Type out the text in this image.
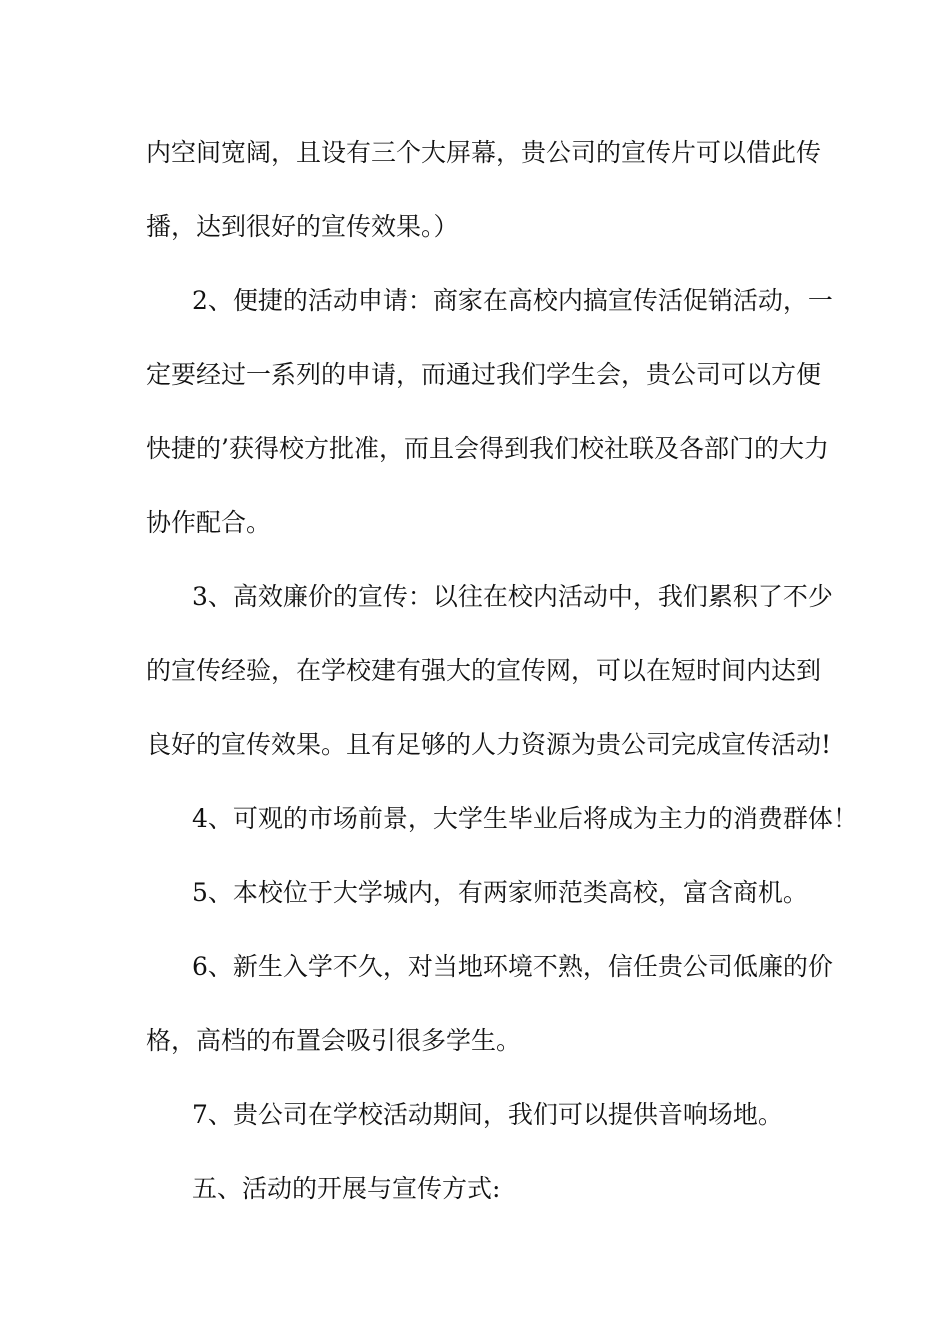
内空间宽阔，且设有三个大屏幕，贵公司的宣传片可以借此传

播，达到很好的宣传效果。）

2、便捷的活动申请：商家在高校内搞宣传活促销活动，一

定要经过一系列的申请，而通过我们学生会，贵公司可以方便

快捷的’获得校方批准，而且会得到我们校社联及各部门的大力

协作配合。

3、高效廉价的宣传：以往在校内活动中，我们累积了不少

的宣传经验，在学校建有强大的宣传网，可以在短时间内达到

良好的宣传效果。且有足够的人力资源为贵公司完成宣传活动!

4、可观的市场前景，大学生毕业后将成为主力的消费群体！

5、本校位于大学城内，有两家师范类高校，富含商机。

6、新生入学不久，对当地环境不熟，信任贵公司低廉的价

格，高档的布置会吸引很多学生。

7、贵公司在学校活动期间，我们可以提供音响场地。

五、活动的开展与宣传方式:
